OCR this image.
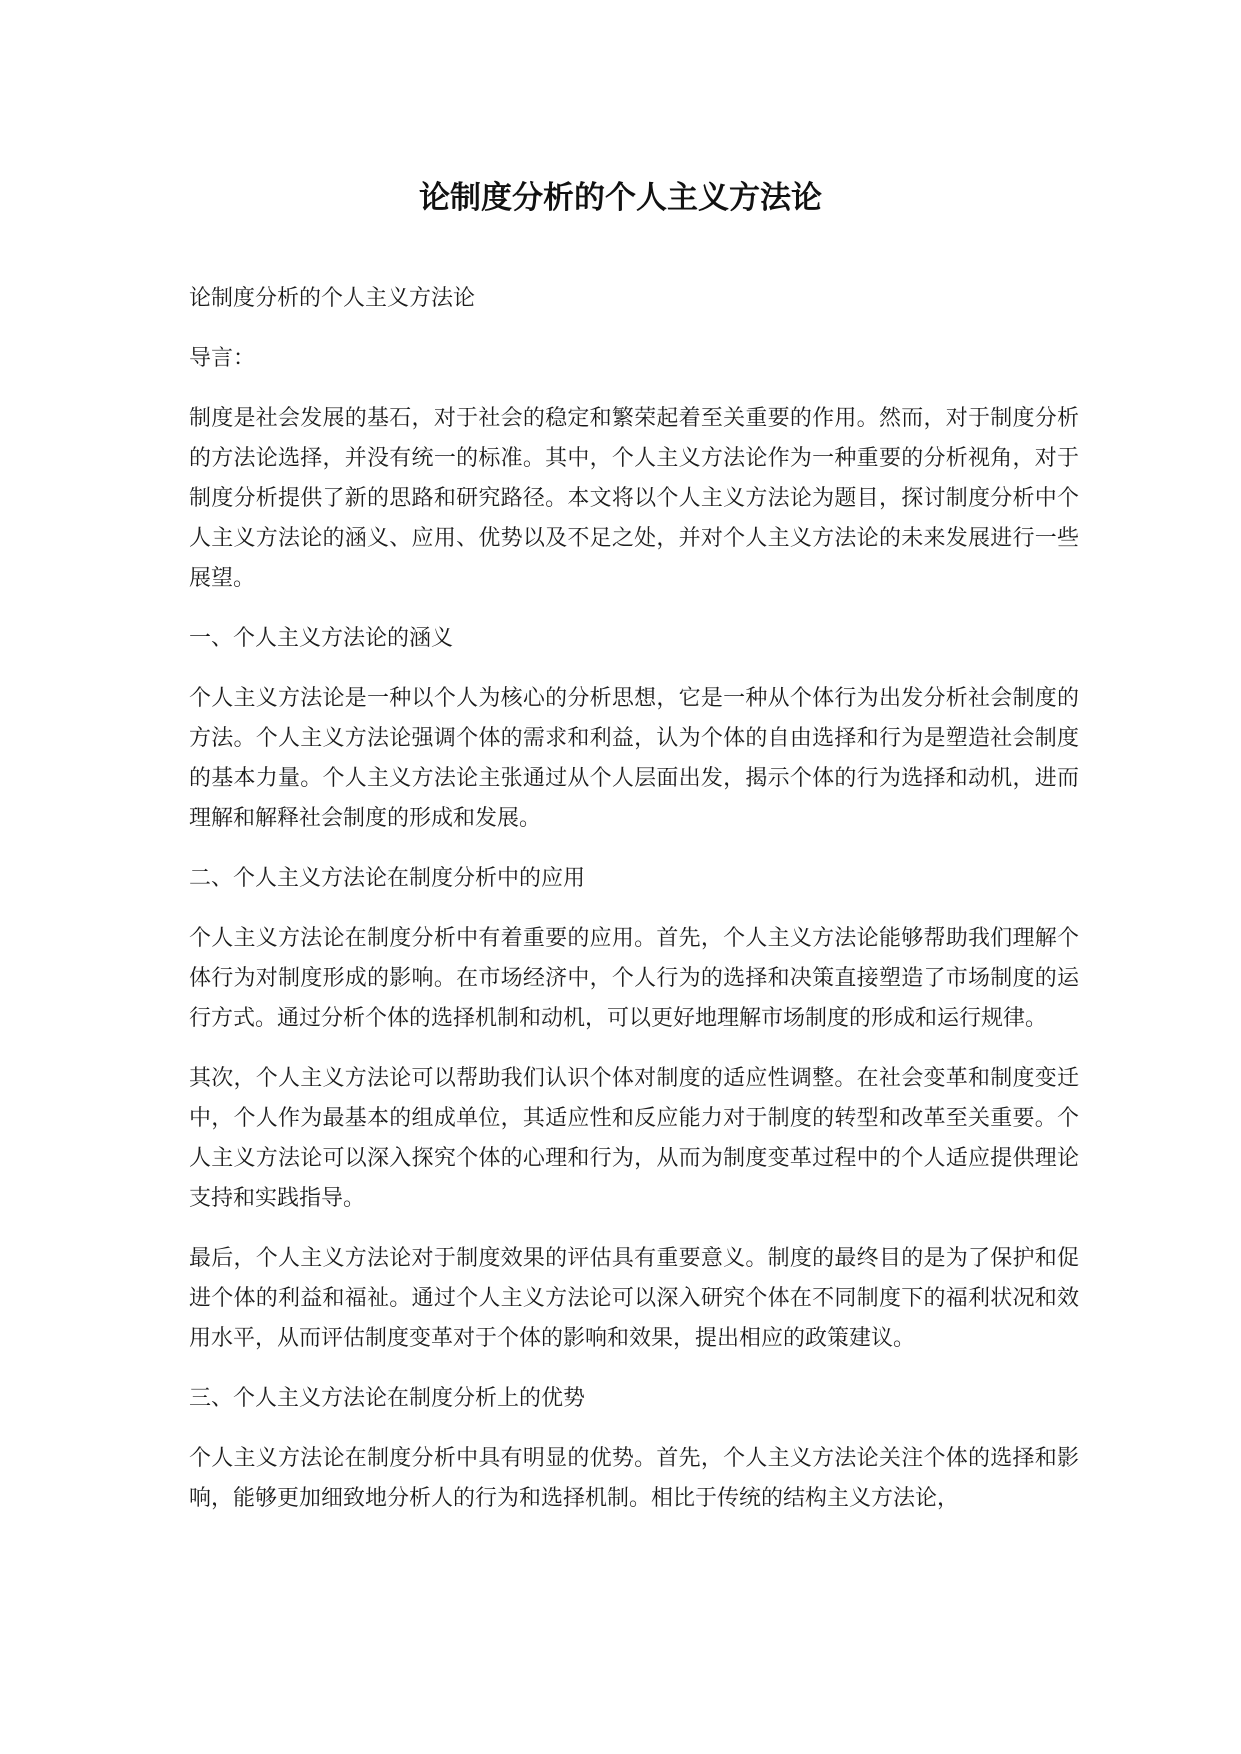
论制度分析的个人主义方法论

论制度分析的个人主义方法论

导言：

制度是社会发展的基石，对于社会的稳定和繁荣起着至关重要的作用。然而，对于制度分析的方法论选择，并没有统一的标准。其中，个人主义方法论作为一种重要的分析视角，对于制度分析提供了新的思路和研究路径。本文将以个人主义方法论为题目，探讨制度分析中个人主义方法论的涵义、应用、优势以及不足之处，并对个人主义方法论的未来发展进行一些展望。

一、个人主义方法论的涵义

个人主义方法论是一种以个人为核心的分析思想，它是一种从个体行为出发分析社会制度的方法。个人主义方法论强调个体的需求和利益，认为个体的自由选择和行为是塑造社会制度的基本力量。个人主义方法论主张通过从个人层面出发，揭示个体的行为选择和动机，进而理解和解释社会制度的形成和发展。

二、个人主义方法论在制度分析中的应用

个人主义方法论在制度分析中有着重要的应用。首先，个人主义方法论能够帮助我们理解个体行为对制度形成的影响。在市场经济中，个人行为的选择和决策直接塑造了市场制度的运行方式。通过分析个体的选择机制和动机，可以更好地理解市场制度的形成和运行规律。

其次，个人主义方法论可以帮助我们认识个体对制度的适应性调整。在社会变革和制度变迁中，个人作为最基本的组成单位，其适应性和反应能力对于制度的转型和改革至关重要。个人主义方法论可以深入探究个体的心理和行为，从而为制度变革过程中的个人适应提供理论支持和实践指导。

最后，个人主义方法论对于制度效果的评估具有重要意义。制度的最终目的是为了保护和促进个体的利益和福祉。通过个人主义方法论可以深入研究个体在不同制度下的福利状况和效用水平，从而评估制度变革对于个体的影响和效果，提出相应的政策建议。

三、个人主义方法论在制度分析上的优势

个人主义方法论在制度分析中具有明显的优势。首先，个人主义方法论关注个体的选择和影响，能够更加细致地分析人的行为和选择机制。相比于传统的结构主义方法论，
